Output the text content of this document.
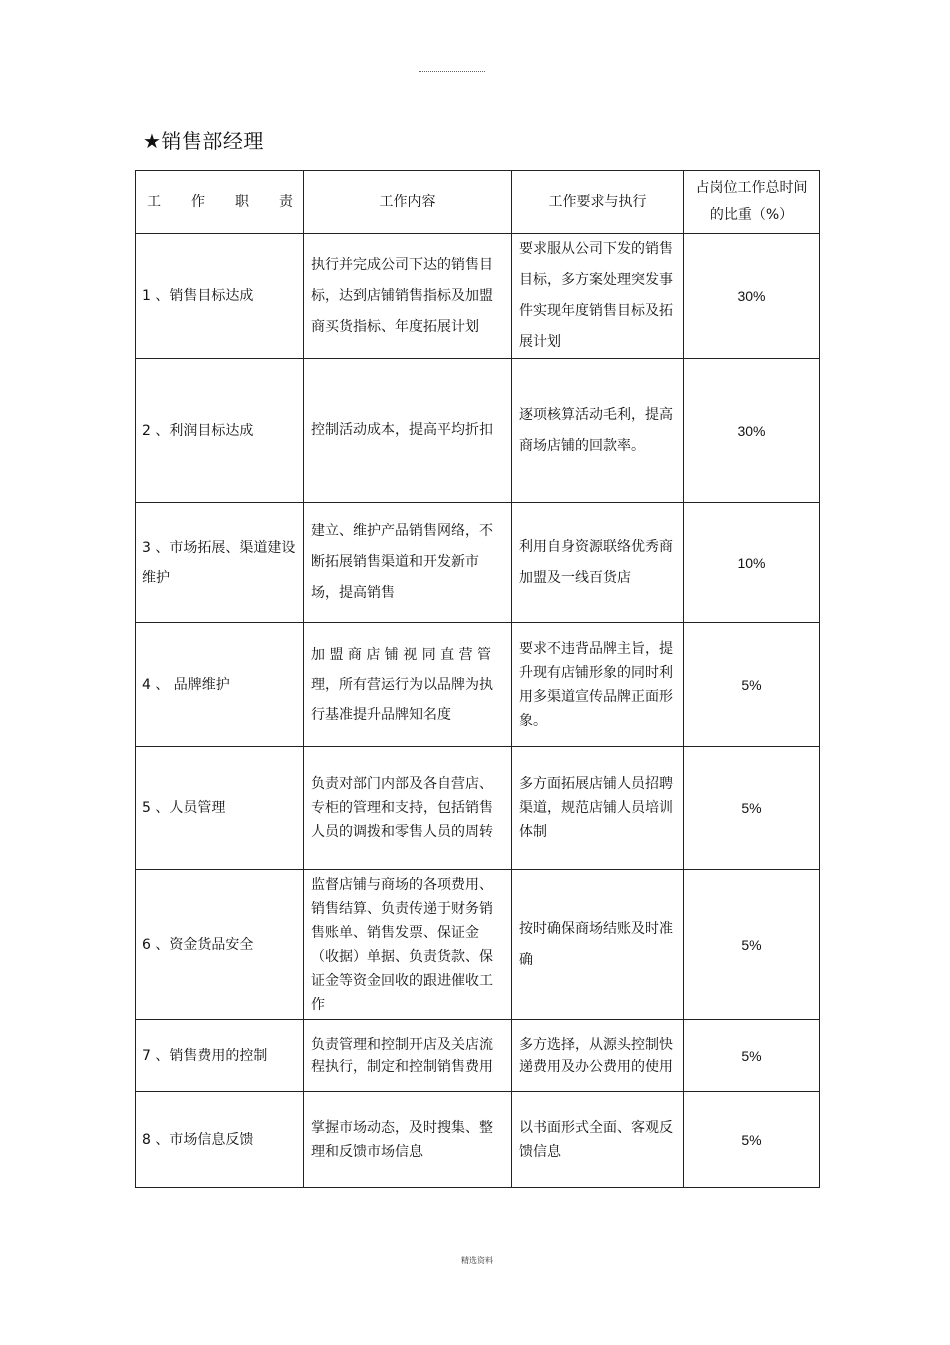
★销售部经理
工 作 职 责	工作内容	工作要求与执行	占岗位工作总时间的比重（%）
1 、销售目标达成	执行并完成公司下达的销售目标，达到店铺销售指标及加盟商买货指标、年度拓展计划	要求服从公司下发的销售目标，多方案处理突发事件实现年度销售目标及拓展计划	30%
2 、利润目标达成	控制活动成本，提高平均折扣	逐项核算活动毛利，提高商场店铺的回款率。	30%
3 、市场拓展、渠道建设维护	建立、维护产品销售网络，不断拓展销售渠道和开发新市场，提高销售	利用自身资源联络优秀商加盟及一线百货店	10%
4 、 品牌维护	加 盟 商 店 铺 视 同 直 营 管 理，所有营运行为以品牌为执行基准提升品牌知名度	要求不违背品牌主旨，提升现有店铺形象的同时利用多渠道宣传品牌正面形象。	5%
5 、人员管理	负责对部门内部及各自营店、专柜的管理和支持，包括销售人员的调拨和零售人员的周转	多方面拓展店铺人员招聘渠道，规范店铺人员培训体制	5%
6 、资金货品安全	监督店铺与商场的各项费用、销售结算、负责传递于财务销售账单、销售发票、保证金（收据）单据、负责货款、保证金等资金回收的跟进催收工作	按时确保商场结账及时准确	5%
7 、销售费用的控制	负责管理和控制开店及关店流程执行，制定和控制销售费用	多方选择，从源头控制快递费用及办公费用的使用	5%
8 、市场信息反馈	掌握市场动态，及时搜集、整理和反馈市场信息	以书面形式全面、客观反馈信息	5%
精选资料
